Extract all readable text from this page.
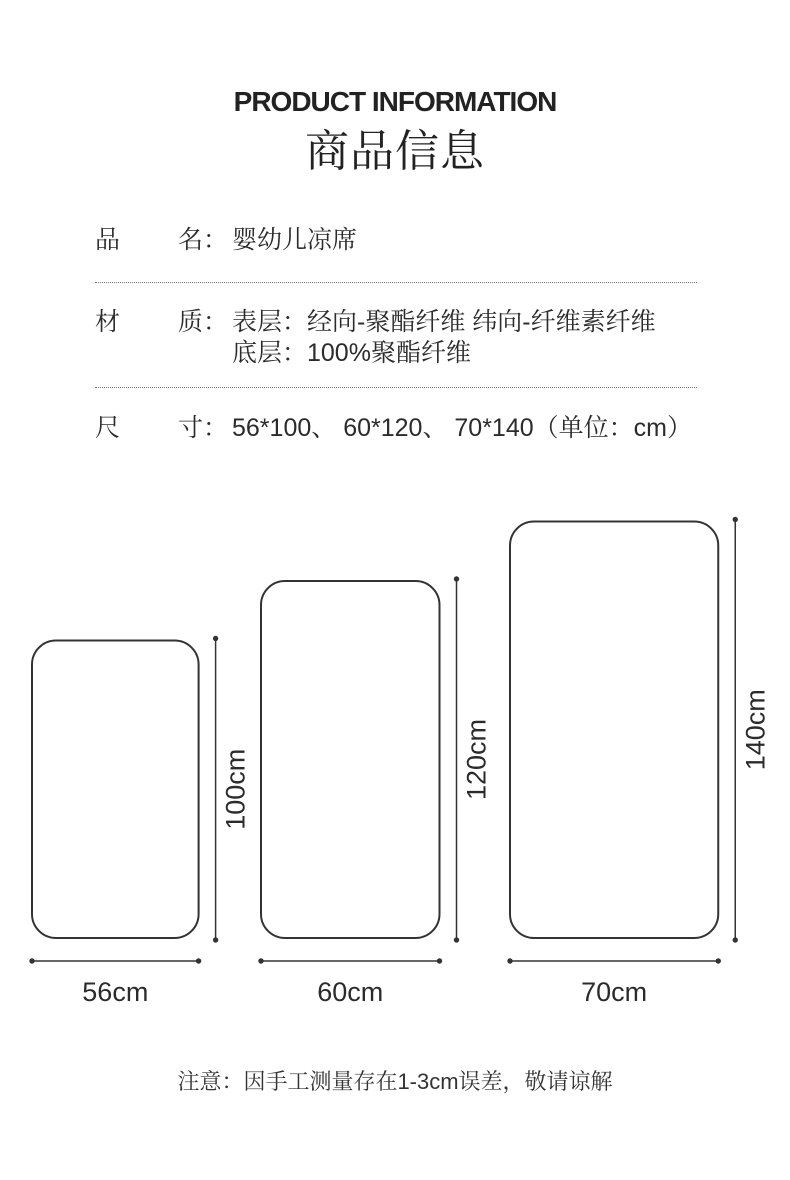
PRODUCT INFORMATION
商品信息
品	名： 婴幼儿凉席
材	质： 表层：经向-聚酯纤维 纬向-纤维素纤维
底层：100%聚酯纤维
尺	寸： 56*100、 60*120、 70*140（单位：cm）
100cm
56cm
120cm
60cm
140cm
70cm
注意：因手工测量存在1-3cm误差，敬请谅解
